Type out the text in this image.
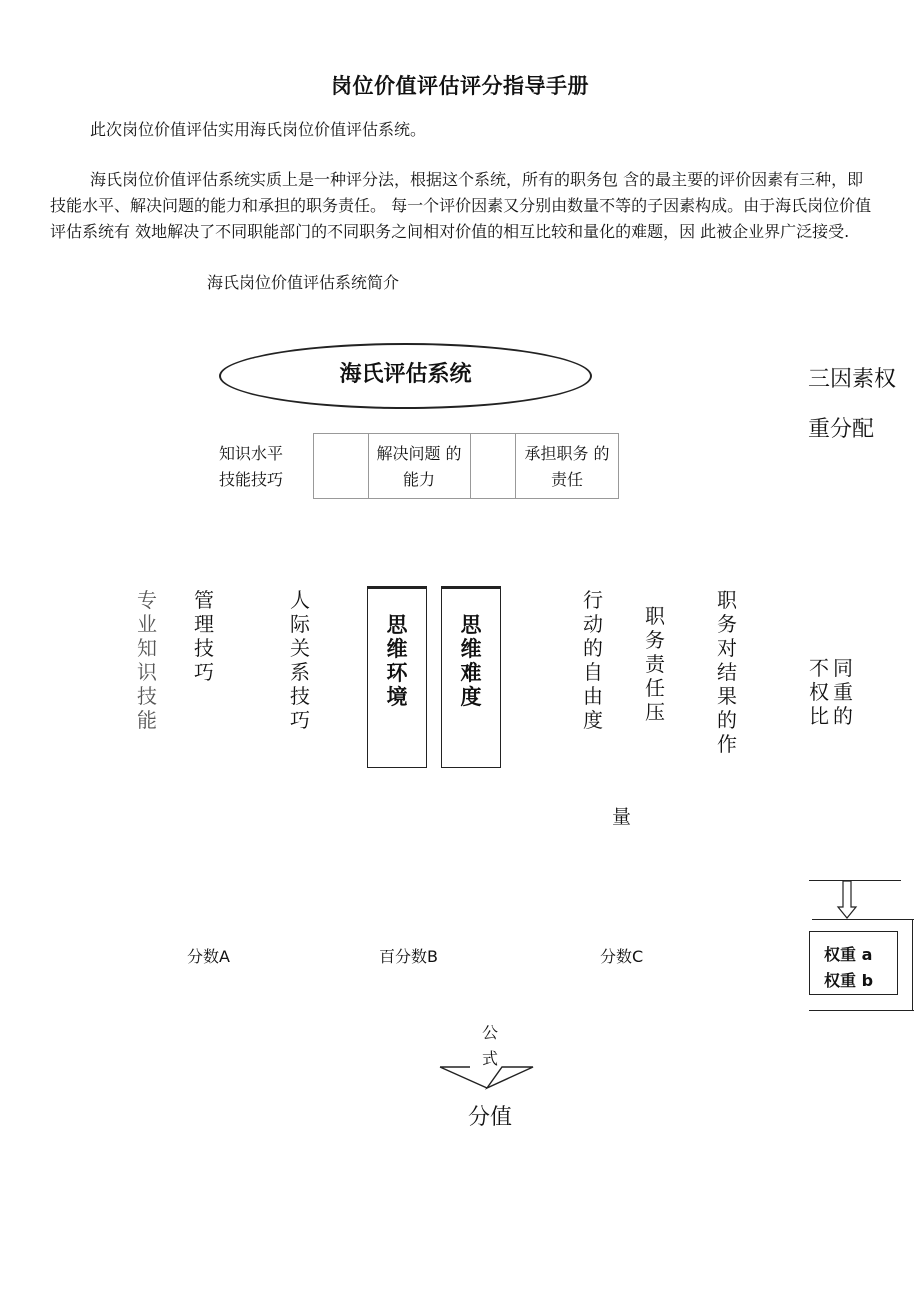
岗位价值评估评分指导手册
此次岗位价值评估实用海氏岗位价值评估系统。
海氏岗位价值评估系统实质上是一种评分法，根据这个系统，所有的职务包 含的最主要的评价因素有三种，即技能水平、解决问题的能力和承担的职务责任。 每一个评价因素又分别由数量不等的子因素构成。由于海氏岗位价值评估系统有 效地解决了不同职能部门的不同职务之间相对价值的相互比较和量化的难题，因 此被企业界广泛接受.
海氏岗位价值评估系统简介
三因素权
重分配
海氏评估系统
知识水平
技能技巧
解决问题 的
能力
承担职务 的
责任
专业知识技能
管理技巧
人际关系技巧
思维环境
思维难度
行动的自由度
职务责任压
量
职务对结果的作
同重的
不权比
分数A	百分数B	分数C	权重 a
权重 b
公
式
分值
